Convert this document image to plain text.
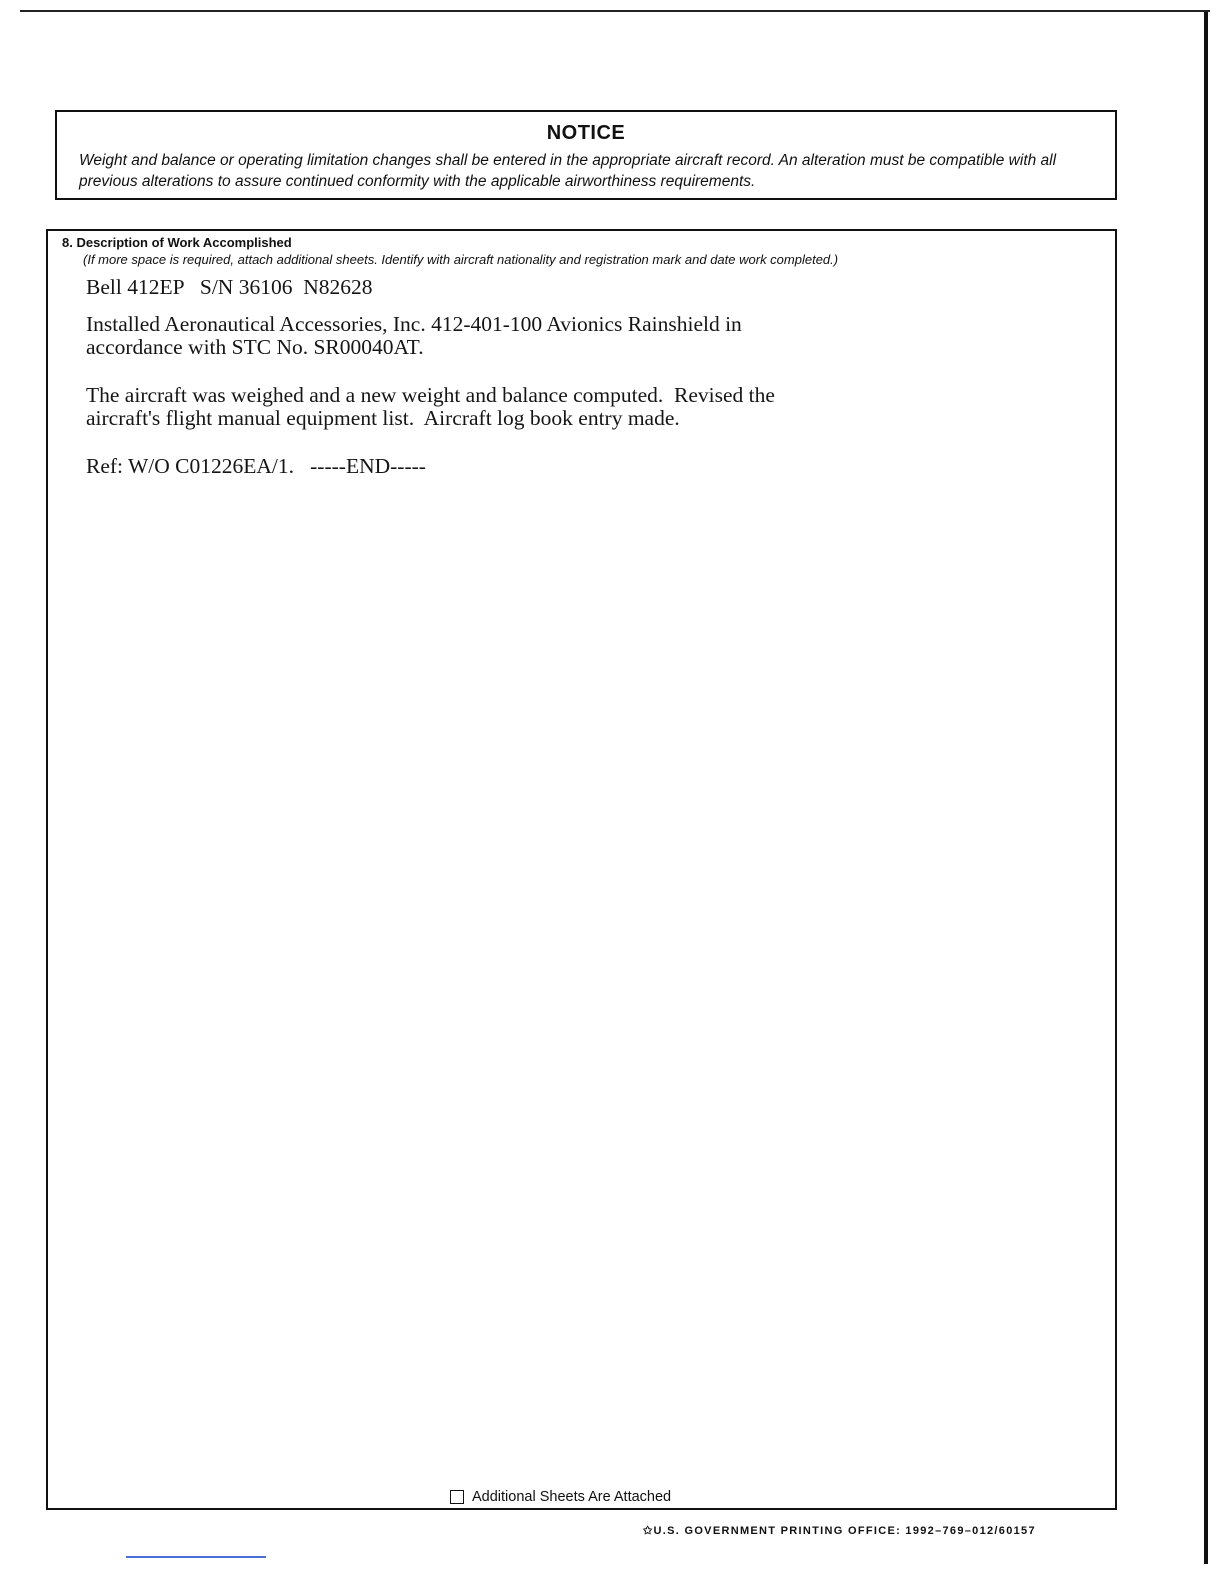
NOTICE
Weight and balance or operating limitation changes shall be entered in the appropriate aircraft record. An alteration must be compatible with all previous alterations to assure continued conformity with the applicable airworthiness requirements.
8. Description of Work Accomplished
(If more space is required, attach additional sheets. Identify with aircraft nationality and registration mark and date work completed.)
Bell 412EP   S/N 36106  N82628
Installed Aeronautical Accessories, Inc. 412-401-100 Avionics Rainshield in
accordance with STC No. SR00040AT.
The aircraft was weighed and a new weight and balance computed.  Revised the
aircraft's flight manual equipment list.  Aircraft log book entry made.
Ref: W/O C01226EA/1.   -----END-----
Additional Sheets Are Attached
✩U.S. GOVERNMENT PRINTING OFFICE: 1992–769–012/60157
